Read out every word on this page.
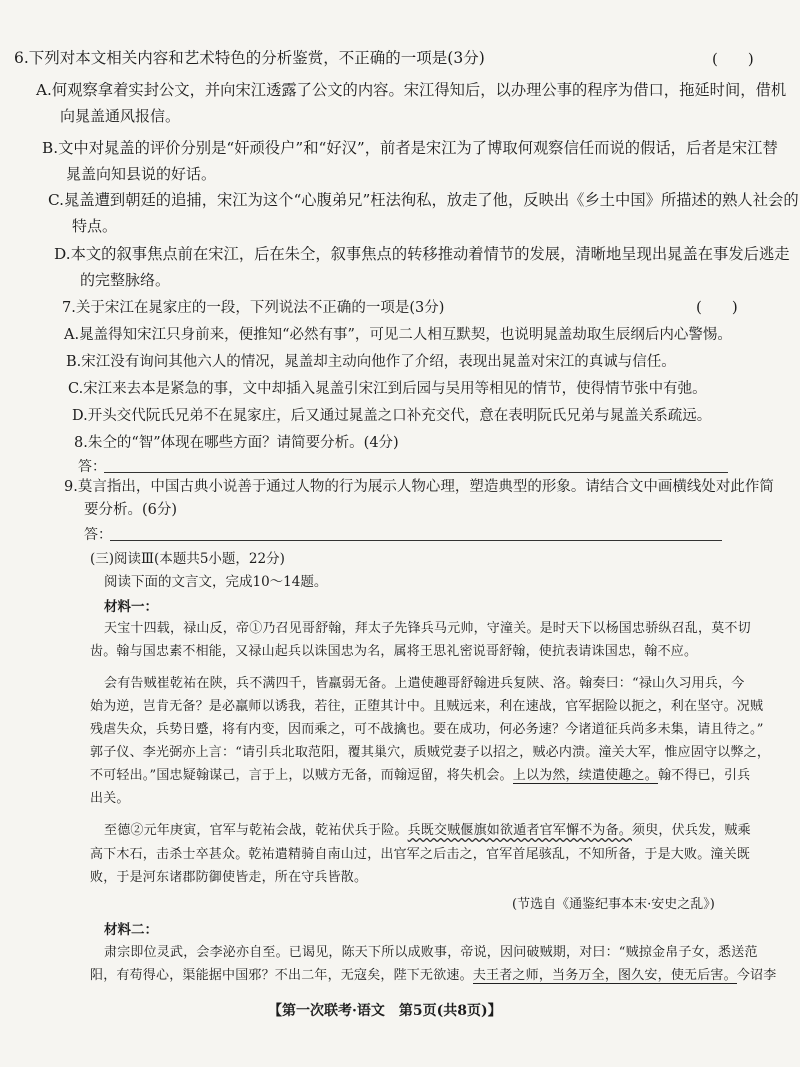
6.下列对本文相关内容和艺术特色的分析鉴赏，不正确的一项是(3分)	(　　)
A.何观察拿着实封公文，并向宋江透露了公文的内容。宋江得知后，以办理公事的程序为借口，拖延时间，借机
向晁盖通风报信。
B.文中对晁盖的评价分别是“奸顽役户”和“好汉”，前者是宋江为了博取何观察信任而说的假话，后者是宋江替
晁盖向知县说的好话。
C.晁盖遭到朝廷的追捕，宋江为这个“心腹弟兄”枉法徇私，放走了他，反映出《乡土中国》所描述的熟人社会的
特点。
D.本文的叙事焦点前在宋江，后在朱仝，叙事焦点的转移推动着情节的发展，清晰地呈现出晁盖在事发后逃走
的完整脉络。
7.关于宋江在晁家庄的一段，下列说法不正确的一项是(3分)	(　　)
A.晁盖得知宋江只身前来，便推知“必然有事”，可见二人相互默契，也说明晁盖劫取生辰纲后内心警惕。
B.宋江没有询问其他六人的情况，晁盖却主动向他作了介绍，表现出晁盖对宋江的真诚与信任。
C.宋江来去本是紧急的事，文中却插入晁盖引宋江到后园与吴用等相见的情节，使得情节张中有弛。
D.开头交代阮氏兄弟不在晁家庄，后又通过晁盖之口补充交代，意在表明阮氏兄弟与晁盖关系疏远。
8.朱仝的“智”体现在哪些方面？请简要分析。(4分)
答：
9.莫言指出，中国古典小说善于通过人物的行为展示人物心理，塑造典型的形象。请结合文中画横线处对此作简
要分析。(6分)
答：
(三)阅读Ⅲ(本题共5小题，22分)
阅读下面的文言文，完成10～14题。
材料一：
天宝十四载，禄山反，帝①乃召见哥舒翰，拜太子先锋兵马元帅，守潼关。是时天下以杨国忠骄纵召乱，莫不切
齿。翰与国忠素不相能，又禄山起兵以诛国忠为名，属将王思礼密说哥舒翰，使抗表请诛国忠，翰不应。
会有告贼崔乾祐在陕，兵不满四千，皆羸弱无备。上遣使趣哥舒翰进兵复陕、洛。翰奏曰：“禄山久习用兵，今
始为逆，岂肯无备？是必羸师以诱我，若往，正堕其计中。且贼远来，利在速战，官军据险以扼之，利在坚守。况贼
残虐失众，兵势日蹙，将有内变，因而乘之，可不战擒也。要在成功，何必务速？今诸道征兵尚多未集，请且待之。”
郭子仪、李光弼亦上言：“请引兵北取范阳，覆其巢穴，质贼党妻子以招之，贼必内溃。潼关大军，惟应固守以弊之，
不可轻出。”国忠疑翰谋己，言于上，以贼方无备，而翰逗留，将失机会。上以为然，续遣使趣之。翰不得已，引兵
出关。
至德②元年庚寅，官军与乾祐会战，乾祐伏兵于险。兵既交贼偃旗如欲遁者官军懈不为备。须臾，伏兵发，贼乘
高下木石，击杀士卒甚众。乾祐遣精骑自南山过，出官军之后击之，官军首尾骇乱，不知所备，于是大败。潼关既
败，于是河东诸郡防御使皆走，所在守兵皆散。
(节选自《通鉴纪事本末·安史之乱》)
材料二：
肃宗即位灵武，会李泌亦自至。已谒见，陈天下所以成败事，帝说，因问破贼期，对曰：“贼掠金帛子女，悉送范
阳，有苟得心，渠能据中国邪？不出二年，无寇矣，陛下无欲速。夫王者之师，当务万全，图久安，使无后害。今诏李
【第一次联考·语文　第5页(共8页)】
